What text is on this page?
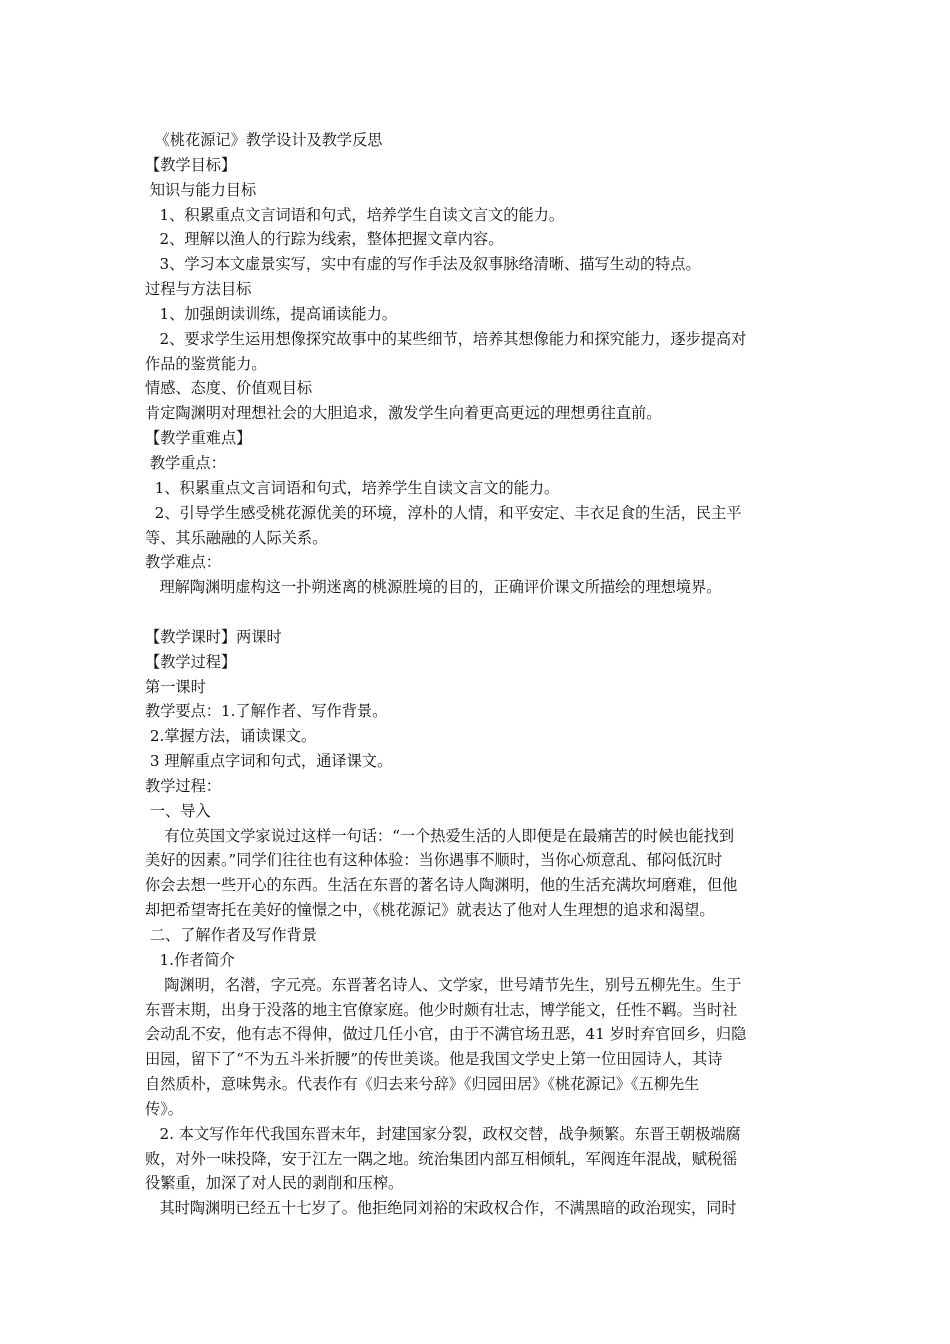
《桃花源记》教学设计及教学反思
【教学目标】
知识与能力目标
1、积累重点文言词语和句式，培养学生自读文言文的能力。
2、理解以渔人的行踪为线索，整体把握文章内容。
3、学习本文虚景实写，实中有虚的写作手法及叙事脉络清晰、描写生动的特点。
过程与方法目标
1、加强朗读训练，提高诵读能力。
2、要求学生运用想像探究故事中的某些细节，培养其想像能力和探究能力，逐步提高对
作品的鉴赏能力。
情感、态度、价值观目标
肯定陶渊明对理想社会的大胆追求，激发学生向着更高更远的理想勇往直前。
【教学重难点】
教学重点：
1、积累重点文言词语和句式，培养学生自读文言文的能力。
2、引导学生感受桃花源优美的环境，淳朴的人情，和平安定、丰衣足食的生活，民主平
等、其乐融融的人际关系。
教学难点：
理解陶渊明虚构这一扑朔迷离的桃源胜境的目的，正确评价课文所描绘的理想境界。
【教学课时】两课时
【教学过程】
第一课时
教学要点：1.了解作者、写作背景。
2.掌握方法，诵读课文。
3 理解重点字词和句式，通译课文。
教学过程：
一、导入
有位英国文学家说过这样一句话：“一个热爱生活的人即便是在最痛苦的时候也能找到
美好的因素。”同学们往往也有这种体验：当你遇事不顺时，当你心烦意乱、郁闷低沉时
你会去想一些开心的东西。生活在东晋的著名诗人陶渊明，他的生活充满坎坷磨难，但他
却把希望寄托在美好的憧憬之中，《桃花源记》就表达了他对人生理想的追求和渴望。
二、了解作者及写作背景
1.作者简介
陶渊明，名潜，字元亮。东晋著名诗人、文学家，世号靖节先生，别号五柳先生。生于
东晋末期，出身于没落的地主官僚家庭。他少时颇有壮志，博学能文，任性不羁。当时社
会动乱不安，他有志不得伸，做过几任小官，由于不满官场丑恶，41 岁时弃官回乡，归隐
田园，留下了“不为五斗米折腰”的传世美谈。他是我国文学史上第一位田园诗人，其诗
自然质朴，意味隽永。代表作有《归去来兮辞》《归园田居》《桃花源记》《五柳先生
传》。
2. 本文写作年代我国东晋末年，封建国家分裂，政权交替，战争频繁。东晋王朝极端腐
败，对外一味投降，安于江左一隅之地。统治集团内部互相倾轧，军阀连年混战，赋税徭
役繁重，加深了对人民的剥削和压榨。
其时陶渊明已经五十七岁了。他拒绝同刘裕的宋政权合作，不满黑暗的政治现实，同时
